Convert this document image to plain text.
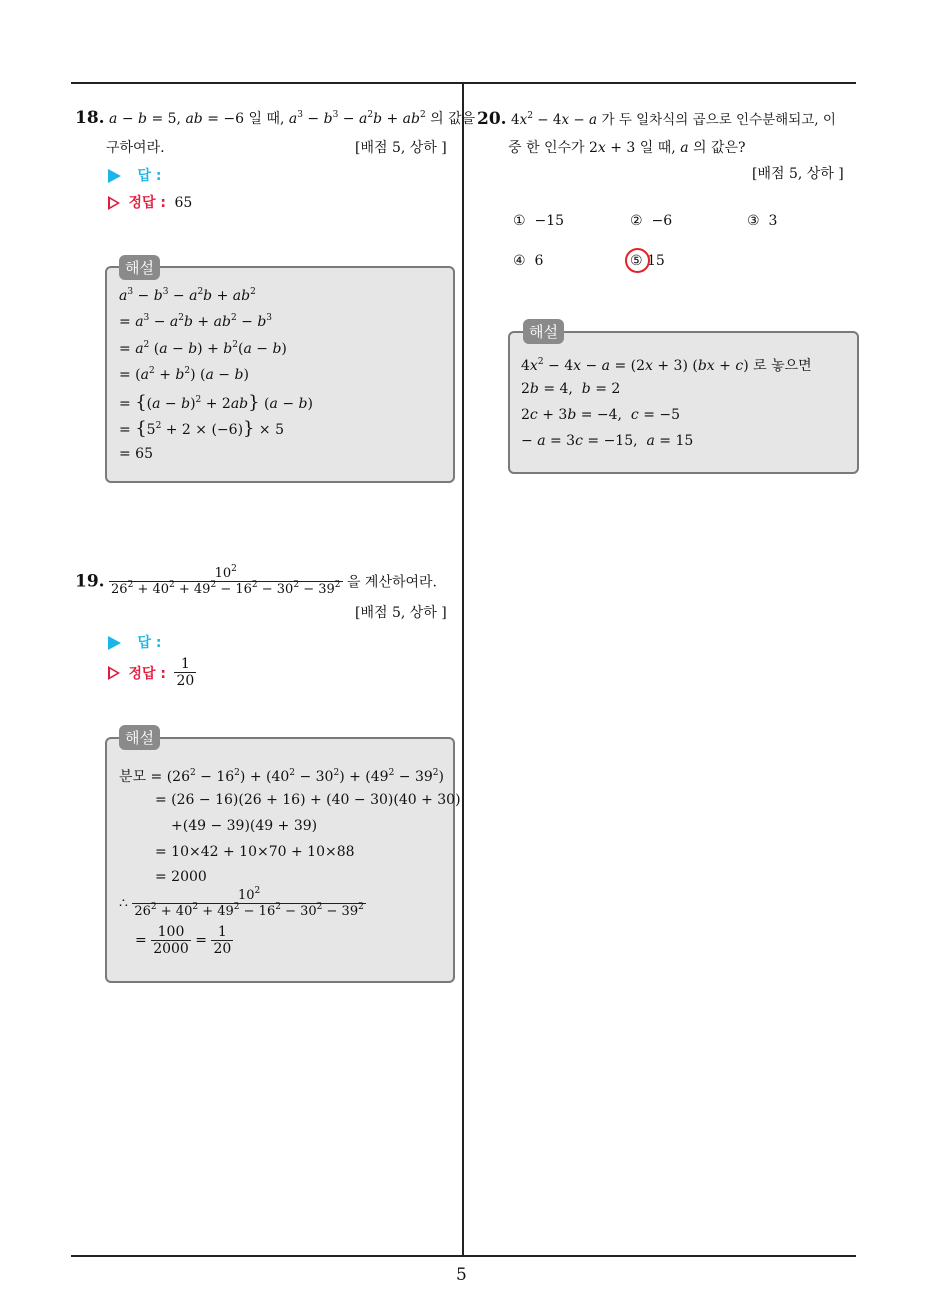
5
18. a − b = 5, ab = −6 일 때, $a^3 - b^3 - a^2b + ab^2$ 의 값을
구하여라.	[배점 5, 상하 ]
답 :
정답 : 65
해설
$a^3 - b^3 - a^2b + ab^2$
= $a^3 - a^2b + ab^2 - b^3$
= $a^2$ $(a - b) + b^2(a - b)$
= $(a^2 + b^2) (a - b)$
= $\{(a - b)^2 + 2ab\}$ (a − b)
= $\{5^2 + 2 \times (-6)\} \times 5$
= 65
19. $\frac{10^2}{26^2 + 40^2 + 49^2 - 16^2 - 30^2 - 39^2}$ 을 계산하여라.
[배점 5, 상하 ]
답 :
정답 : $\frac{1}{20}$
해설
분모 = $(26^2 - 16^2) + (40^2 - 30^2) + (49^2 - 39^2)$
= (26 − 16)(26 + 16) + (40 − 30)(40 + 30)
+(49 − 39)(49 + 39)
= 10×42 + 10×70 + 10×88
= 2000
∴ $\frac{10^2}{26^2 + 40^2 + 49^2 - 16^2 - 30^2 - 39^2}$
= $\frac{100}{2000} = \frac{1}{20}$
20. $4x^2 - 4x - a$ 가 두 일차식의 곱으로 인수분해되고, 이
중 한 인수가 2x + 3 일 때, a 의 값은?
[배점 5, 상하 ]
① −15	② −6	③ 3
④ 6	⑤ 15
해설
$4x^2 - 4x - a = (2x + 3) (bx + c)$ 로 놓으면
2b = 4,  b = 2
2c + 3b = −4,  c = −5
− a = 3c = −15,  a = 15
